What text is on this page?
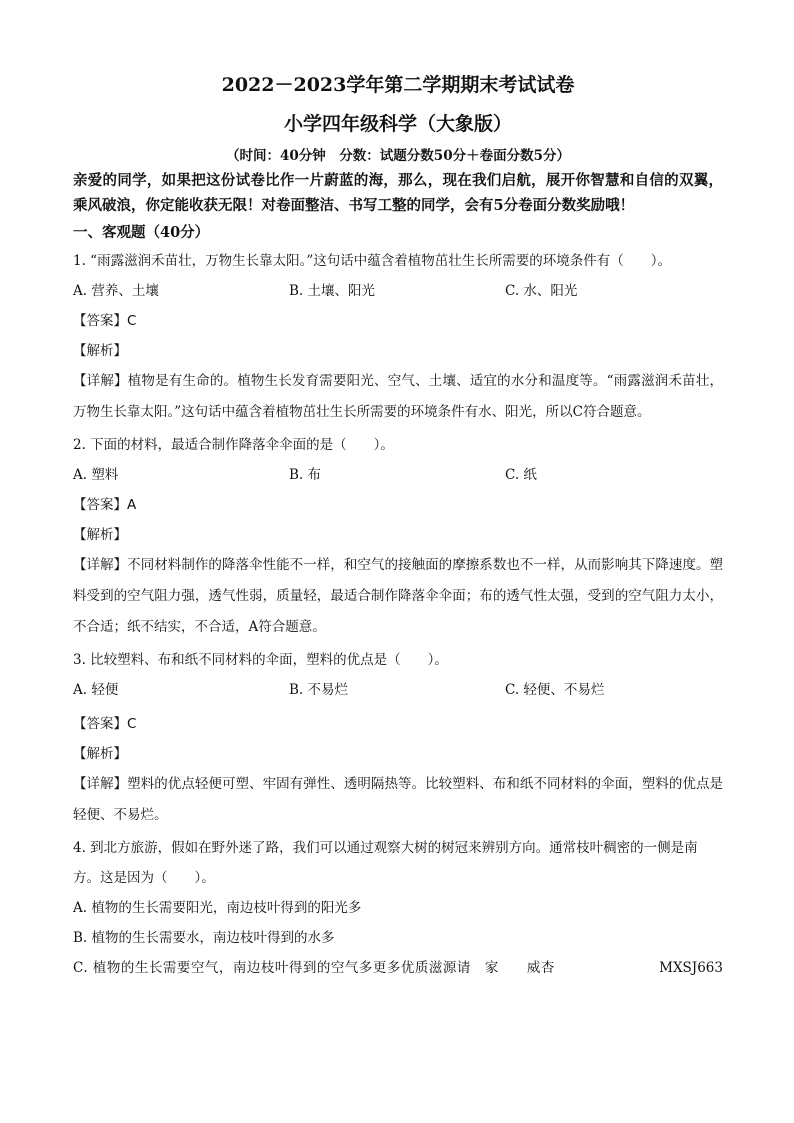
2022－2023学年第二学期期末考试试卷
小学四年级科学（大象版）
（时间：40分钟　分数：试题分数50分＋卷面分数5分）
亲爱的同学，如果把这份试卷比作一片蔚蓝的海，那么，现在我们启航，展开你智慧和自信的双翼，乘风破浪，你定能收获无限！对卷面整洁、书写工整的同学，会有5分卷面分数奖励哦！
一、客观题（40分）
1. “雨露滋润禾苗壮，万物生长靠太阳。”这句话中蕴含着植物茁壮生长所需要的环境条件有（　　）。
A. 营养、土壤	B. 土壤、阳光	C. 水、阳光
【答案】C
【解析】
【详解】植物是有生命的。植物生长发育需要阳光、空气、土壤、适宜的水分和温度等。“雨露滋润禾苗壮，万物生长靠太阳。”这句话中蕴含着植物茁壮生长所需要的环境条件有水、阳光，所以C符合题意。
2. 下面的材料，最适合制作降落伞伞面的是（　　）。
A. 塑料	B. 布	C. 纸
【答案】A
【解析】
【详解】不同材料制作的降落伞性能不一样，和空气的接触面的摩擦系数也不一样，从而影响其下降速度。塑料受到的空气阻力强，透气性弱，质量轻，最适合制作降落伞伞面；布的透气性太强，受到的空气阻力太小，不合适；纸不结实，不合适，A符合题意。
3. 比较塑料、布和纸不同材料的伞面，塑料的优点是（　　）。
A. 轻便	B. 不易烂	C. 轻便、不易烂
【答案】C
【解析】
【详解】塑料的优点轻便可塑、牢固有弹性、透明隔热等。比较塑料、布和纸不同材料的伞面，塑料的优点是轻便、不易烂。
4. 到北方旅游，假如在野外迷了路，我们可以通过观察大树的树冠来辨别方向。通常枝叶稠密的一侧是南方。这是因为（　　）。
A. 植物的生长需要阳光，南边枝叶得到的阳光多
B. 植物的生长需要水，南边枝叶得到的水多
C. 植物的生长需要空气，南边枝叶得到的空气多更多优质滋源请　家　　威杏	MXSJ663
